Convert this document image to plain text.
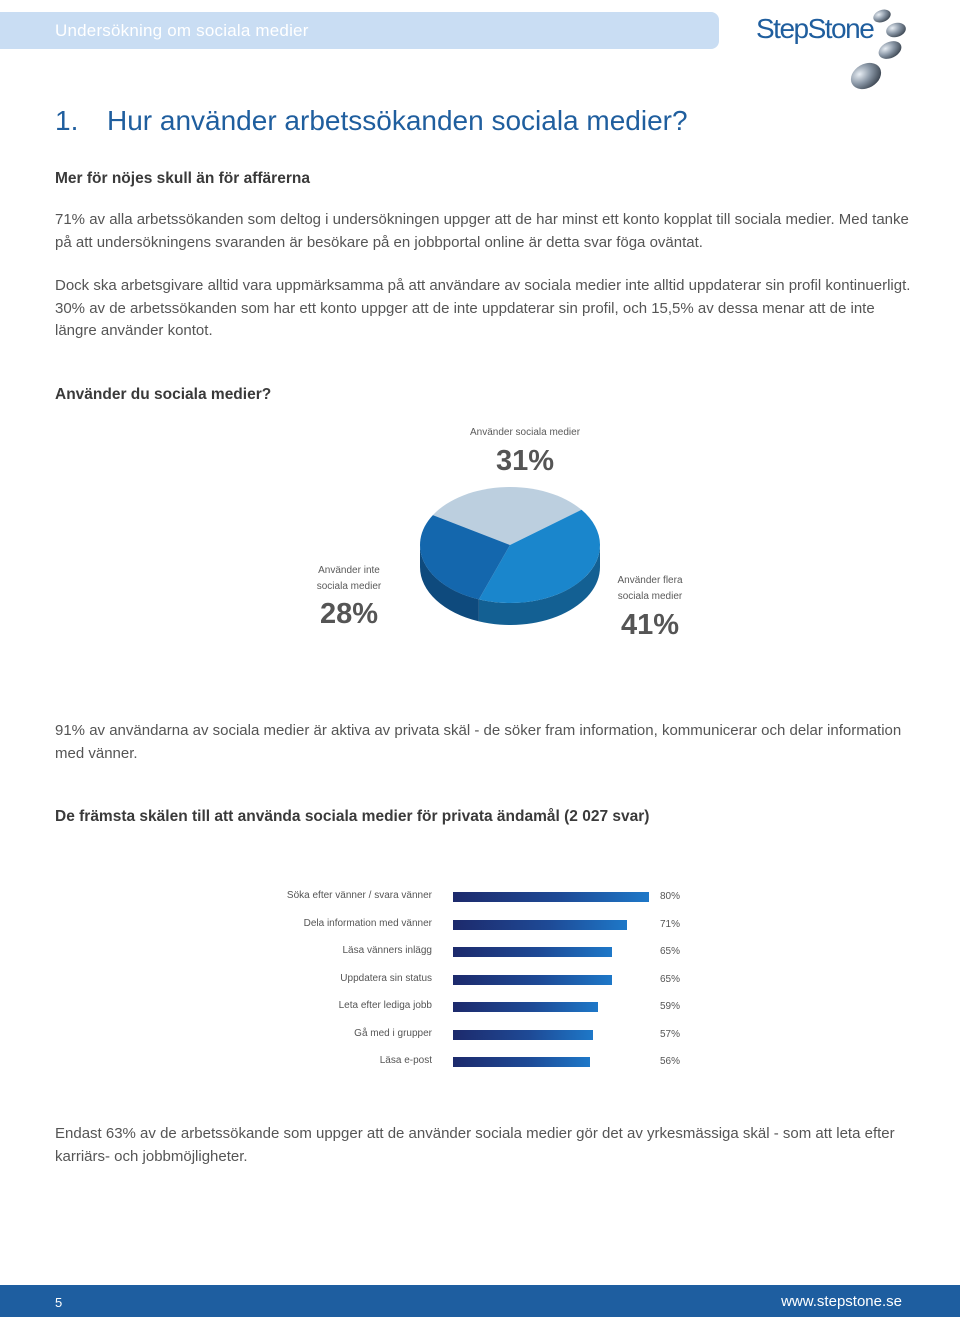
Undersökning om sociala medier	StepStone
1. Hur använder arbetssökanden sociala medier?
Mer för nöjes skull än för affärerna
71% av alla arbetssökanden som deltog i undersökningen uppger att de har minst ett konto kopplat till sociala medier. Med tanke på att undersökningens svaranden är besökare på en jobbportal online är detta svar föga oväntat.
Dock ska arbetsgivare alltid vara uppmärksamma på att användare av sociala medier inte alltid uppdaterar sin profil kontinuerligt. 30% av de arbetssökanden som har ett konto uppger att de inte uppdaterar sin profil, och 15,5% av dessa menar att de inte längre använder kontot.
Använder du sociala medier?
Använder sociala medier
31%
Använder inte
sociala medier
28%
Använder flera
sociala medier
41%
91% av användarna av sociala medier är aktiva av privata skäl - de söker fram information, kommunicerar och delar information med vänner.
De främsta skälen till att använda sociala medier för privata ändamål (2 027 svar)
Söka efter vänner / svara vänner	80%
Dela information med vänner	71%
Läsa vänners inlägg	65%
Uppdatera sin status	65%
Leta efter lediga jobb	59%
Gå med i grupper	57%
Läsa e-post	56%
Endast 63% av de arbetssökande som uppger att de använder sociala medier gör det av yrkesmässiga skäl - som att leta efter karriärs- och jobbmöjligheter.
5	www.stepstone.se
